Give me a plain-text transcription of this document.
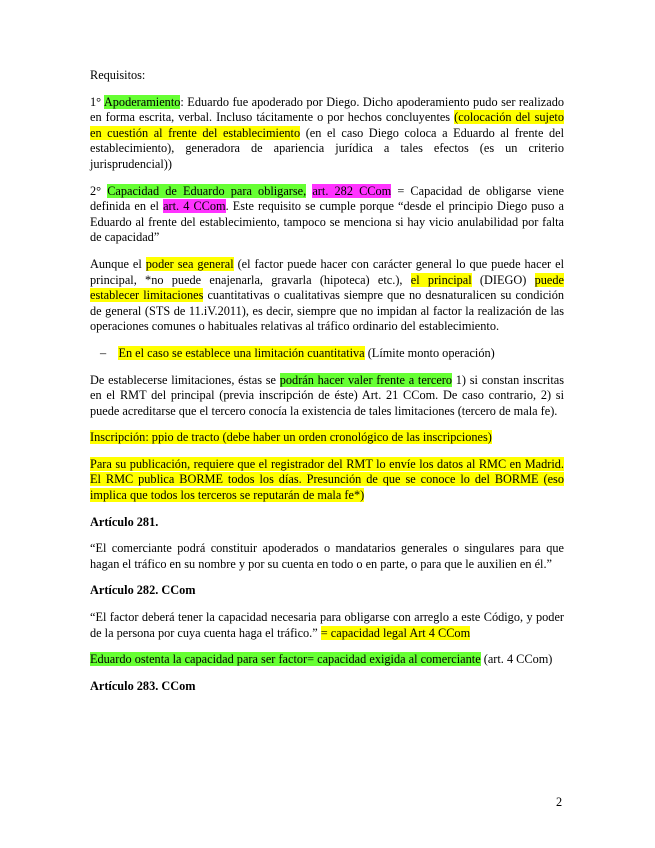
Requisitos:

1° Apoderamiento: Eduardo fue apoderado por Diego. Dicho apoderamiento pudo ser realizado en forma escrita, verbal. Incluso tácitamente o por hechos concluyentes (colocación del sujeto en cuestión al frente del establecimiento (en el caso Diego coloca a Eduardo al frente del establecimiento), generadora de apariencia jurídica a tales efectos (es un criterio jurisprudencial))

2° Capacidad de Eduardo para obligarse, art. 282 CCom = Capacidad de obligarse viene definida en el art. 4 CCom. Este requisito se cumple porque “desde el principio Diego puso a Eduardo al frente del establecimiento, tampoco se menciona si hay vicio anulabilidad por falta de capacidad”

Aunque el poder sea general (el factor puede hacer con carácter general lo que puede hacer el principal, *no puede enajenarla, gravarla (hipoteca) etc.), el principal (DIEGO) puede establecer limitaciones cuantitativas o cualitativas siempre que no desnaturalicen su condición de general (STS de 11.iV.2011), es decir, siempre que no impidan al factor la realización de las operaciones comunes o habituales relativas al tráfico ordinario del establecimiento.

– En el caso se establece una limitación cuantitativa (Límite monto operación)

De establecerse limitaciones, éstas se podrán hacer valer frente a tercero 1) si constan inscritas en el RMT del principal (previa inscripción de éste) Art. 21 CCom. De caso contrario, 2) si puede acreditarse que el tercero conocía la existencia de tales limitaciones (tercero de mala fe).

Inscripción: ppio de tracto (debe haber un orden cronológico de las inscripciones)

Para su publicación, requiere que el registrador del RMT lo envíe los datos al RMC en Madrid. El RMC publica BORME todos los días. Presunción de que se conoce lo del BORME (eso implica que todos los terceros se reputarán de mala fe*)

Artículo 281.

“El comerciante podrá constituir apoderados o mandatarios generales o singulares para que hagan el tráfico en su nombre y por su cuenta en todo o en parte, o para que le auxilien en él.”

Artículo 282. CCom

“El factor deberá tener la capacidad necesaria para obligarse con arreglo a este Código, y poder de la persona por cuya cuenta haga el tráfico.” = capacidad legal Art 4 CCom

Eduardo ostenta la capacidad para ser factor= capacidad exigida al comerciante (art. 4 CCom)

Artículo 283. CCom

2
